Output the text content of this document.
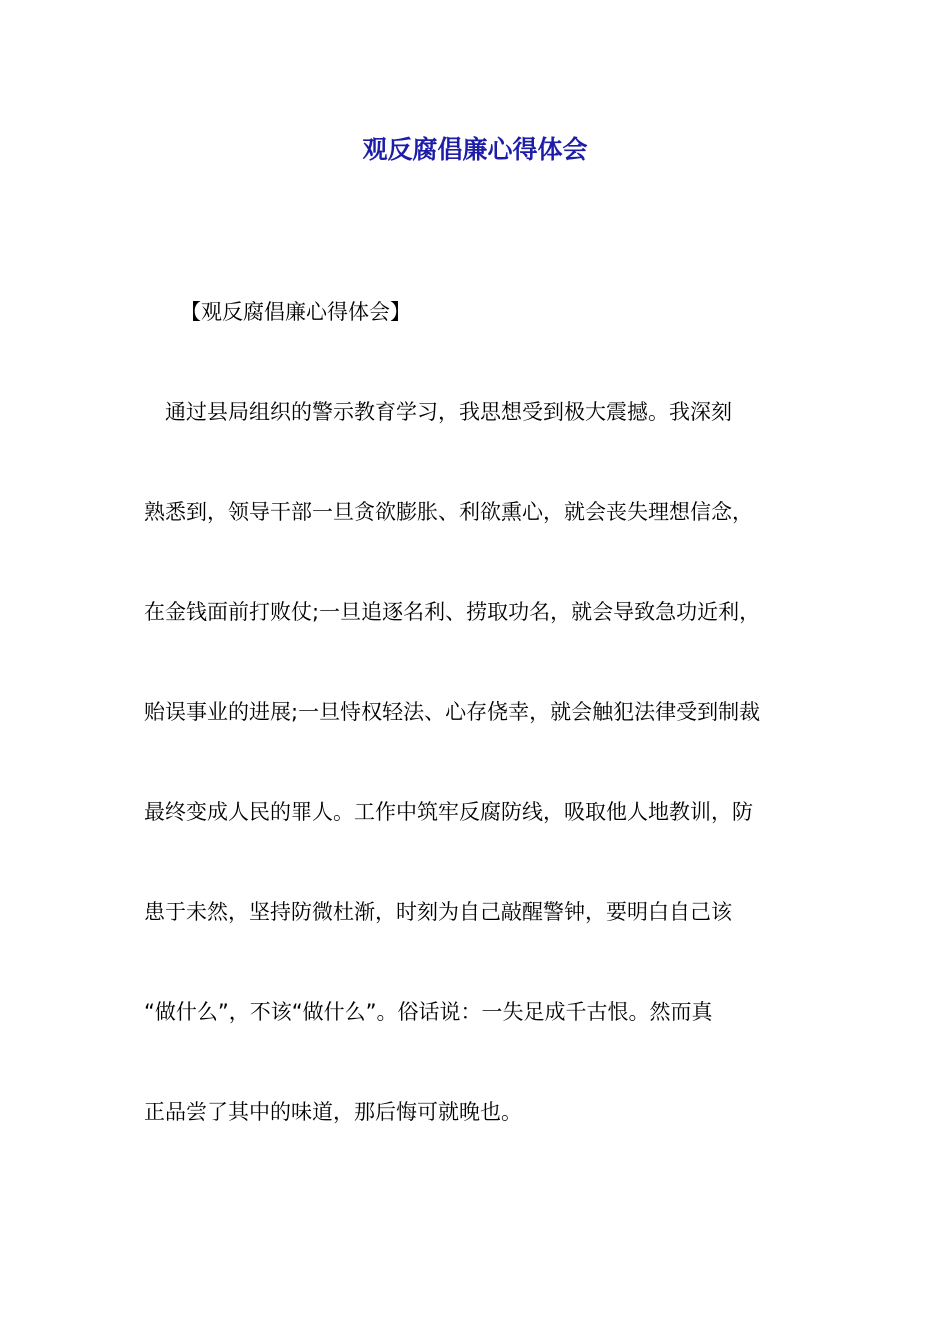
观反腐倡廉心得体会

【观反腐倡廉心得体会】

　通过县局组织的警示教育学习，我思想受到极大震撼。我深刻

熟悉到，领导干部一旦贪欲膨胀、利欲熏心，就会丧失理想信念，

在金钱面前打败仗;一旦追逐名利、捞取功名，就会导致急功近利，

贻误事业的进展;一旦恃权轻法、心存侥幸，就会触犯法律受到制裁

最终变成人民的罪人。工作中筑牢反腐防线，吸取他人地教训，防

患于未然，坚持防微杜渐，时刻为自己敲醒警钟，要明白自己该

“做什么”，不该“做什么”。俗话说：一失足成千古恨。然而真

正品尝了其中的味道，那后悔可就晚也。
